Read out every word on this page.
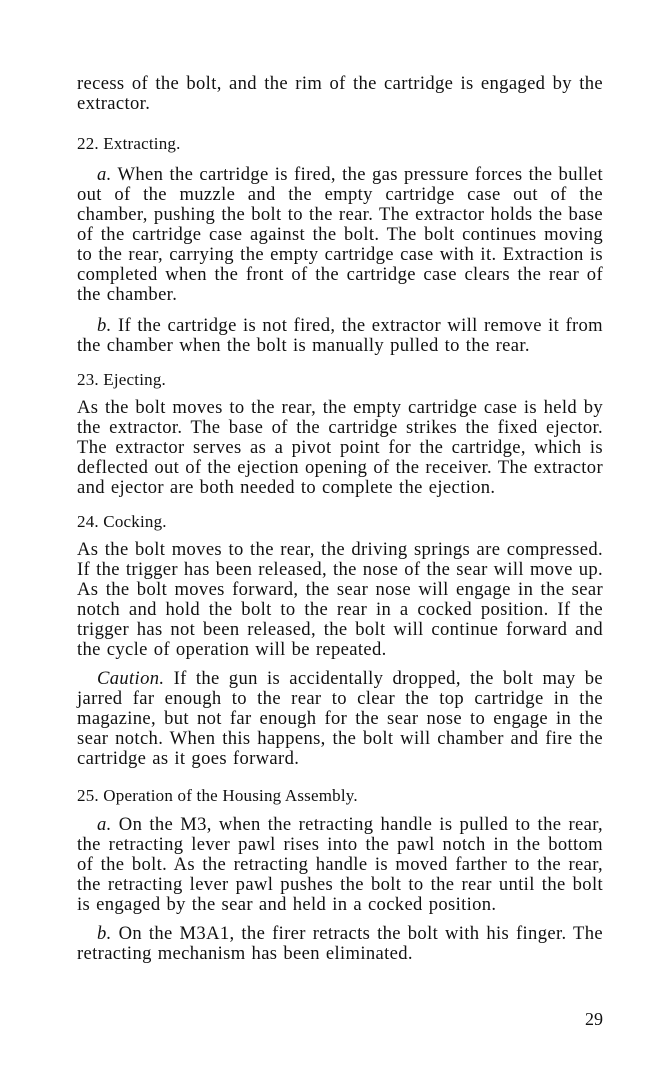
recess of the bolt, and the rim of the cartridge is engaged by the extractor.

22. Extracting.

a. When the cartridge is fired, the gas pressure forces the bullet out of the muzzle and the empty cartridge case out of the chamber, pushing the bolt to the rear. The extractor holds the base of the cartridge case against the bolt. The bolt continues moving to the rear, carrying the empty cartridge case with it. Extraction is completed when the front of the cartridge case clears the rear of the chamber.

b. If the cartridge is not fired, the extractor will remove it from the chamber when the bolt is manually pulled to the rear.

23. Ejecting.

As the bolt moves to the rear, the empty cartridge case is held by the extractor. The base of the cartridge strikes the fixed ejector. The extractor serves as a pivot point for the cartridge, which is deflected out of the ejection opening of the receiver. The extractor and ejector are both needed to complete the ejection.

24. Cocking.

As the bolt moves to the rear, the driving springs are compressed. If the trigger has been released, the nose of the sear will move up. As the bolt moves forward, the sear nose will engage in the sear notch and hold the bolt to the rear in a cocked position. If the trigger has not been released, the bolt will continue forward and the cycle of operation will be repeated.

Caution. If the gun is accidentally dropped, the bolt may be jarred far enough to the rear to clear the top cartridge in the magazine, but not far enough for the sear nose to engage in the sear notch. When this happens, the bolt will chamber and fire the cartridge as it goes forward.

25. Operation of the Housing Assembly.

a. On the M3, when the retracting handle is pulled to the rear, the retracting lever pawl rises into the pawl notch in the bottom of the bolt. As the retracting handle is moved farther to the rear, the retracting lever pawl pushes the bolt to the rear until the bolt is engaged by the sear and held in a cocked position.

b. On the M3A1, the firer retracts the bolt with his finger. The retracting mechanism has been eliminated.

29
